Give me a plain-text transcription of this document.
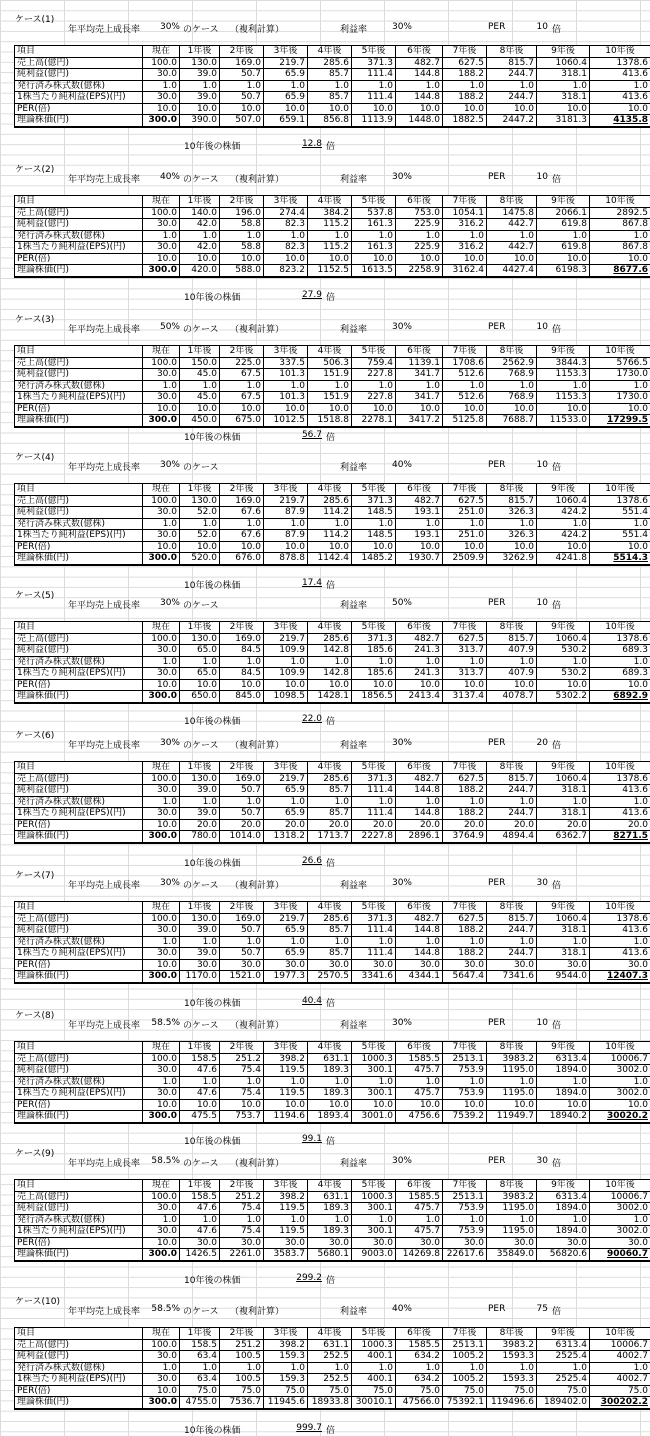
ケース(1)
年平均売上成長率	30% のケース （複利計算）	利益率	30%	PER	10 倍
項目	現在	1年後	2年後	3年後	4年後	5年後	6年後	7年後	8年後	9年後	10年後
売上高(億円)	100.0	130.0	169.0	219.7	285.6	371.3	482.7	627.5	815.7	1060.4	1378.6
純利益(億円)	30.0	39.0	50.7	65.9	85.7	111.4	144.8	188.2	244.7	318.1	413.6
発行済み株式数(億株)	1.0	1.0	1.0	1.0	1.0	1.0	1.0	1.0	1.0	1.0	1.0
1株当たり純利益(EPS)(円)	30.0	39.0	50.7	65.9	85.7	111.4	144.8	188.2	244.7	318.1	413.6
PER(倍)	10.0	10.0	10.0	10.0	10.0	10.0	10.0	10.0	10.0	10.0	10.0
理論株価(円)	300.0	390.0	507.0	659.1	856.8	1113.9	1448.0	1882.5	2447.2	3181.3	4135.8
10年後の株価	12.8 倍
ケース(2)
年平均売上成長率	40% のケース （複利計算）	利益率	30%	PER	10 倍
項目	現在	1年後	2年後	3年後	4年後	5年後	6年後	7年後	8年後	9年後	10年後
売上高(億円)	100.0	140.0	196.0	274.4	384.2	537.8	753.0	1054.1	1475.8	2066.1	2892.5
純利益(億円)	30.0	42.0	58.8	82.3	115.2	161.3	225.9	316.2	442.7	619.8	867.8
発行済み株式数(億株)	1.0	1.0	1.0	1.0	1.0	1.0	1.0	1.0	1.0	1.0	1.0
1株当たり純利益(EPS)(円)	30.0	42.0	58.8	82.3	115.2	161.3	225.9	316.2	442.7	619.8	867.8
PER(倍)	10.0	10.0	10.0	10.0	10.0	10.0	10.0	10.0	10.0	10.0	10.0
理論株価(円)	300.0	420.0	588.0	823.2	1152.5	1613.5	2258.9	3162.4	4427.4	6198.3	8677.6
10年後の株価	27.9 倍
ケース(3)
年平均売上成長率	50% のケース （複利計算）	利益率	30%	PER	10 倍
項目	現在	1年後	2年後	3年後	4年後	5年後	6年後	7年後	8年後	9年後	10年後
売上高(億円)	100.0	150.0	225.0	337.5	506.3	759.4	1139.1	1708.6	2562.9	3844.3	5766.5
純利益(億円)	30.0	45.0	67.5	101.3	151.9	227.8	341.7	512.6	768.9	1153.3	1730.0
発行済み株式数(億株)	1.0	1.0	1.0	1.0	1.0	1.0	1.0	1.0	1.0	1.0	1.0
1株当たり純利益(EPS)(円)	30.0	45.0	67.5	101.3	151.9	227.8	341.7	512.6	768.9	1153.3	1730.0
PER(倍)	10.0	10.0	10.0	10.0	10.0	10.0	10.0	10.0	10.0	10.0	10.0
理論株価(円)	300.0	450.0	675.0	1012.5	1518.8	2278.1	3417.2	5125.8	7688.7	11533.0	17299.5
10年後の株価	56.7 倍
ケース(4)
年平均売上成長率	30% のケース	利益率	40%	PER	10 倍
項目	現在	1年後	2年後	3年後	4年後	5年後	6年後	7年後	8年後	9年後	10年後
売上高(億円)	100.0	130.0	169.0	219.7	285.6	371.3	482.7	627.5	815.7	1060.4	1378.6
純利益(億円)	30.0	52.0	67.6	87.9	114.2	148.5	193.1	251.0	326.3	424.2	551.4
発行済み株式数(億株)	1.0	1.0	1.0	1.0	1.0	1.0	1.0	1.0	1.0	1.0	1.0
1株当たり純利益(EPS)(円)	30.0	52.0	67.6	87.9	114.2	148.5	193.1	251.0	326.3	424.2	551.4
PER(倍)	10.0	10.0	10.0	10.0	10.0	10.0	10.0	10.0	10.0	10.0	10.0
理論株価(円)	300.0	520.0	676.0	878.8	1142.4	1485.2	1930.7	2509.9	3262.9	4241.8	5514.3
10年後の株価	17.4 倍
ケース(5)
年平均売上成長率	30% のケース	利益率	50%	PER	10 倍
項目	現在	1年後	2年後	3年後	4年後	5年後	6年後	7年後	8年後	9年後	10年後
売上高(億円)	100.0	130.0	169.0	219.7	285.6	371.3	482.7	627.5	815.7	1060.4	1378.6
純利益(億円)	30.0	65.0	84.5	109.9	142.8	185.6	241.3	313.7	407.9	530.2	689.3
発行済み株式数(億株)	1.0	1.0	1.0	1.0	1.0	1.0	1.0	1.0	1.0	1.0	1.0
1株当たり純利益(EPS)(円)	30.0	65.0	84.5	109.9	142.8	185.6	241.3	313.7	407.9	530.2	689.3
PER(倍)	10.0	10.0	10.0	10.0	10.0	10.0	10.0	10.0	10.0	10.0	10.0
理論株価(円)	300.0	650.0	845.0	1098.5	1428.1	1856.5	2413.4	3137.4	4078.7	5302.2	6892.9
10年後の株価	22.0 倍
ケース(6)
年平均売上成長率	30% のケース （複利計算）	利益率	30%	PER	20 倍
項目	現在	1年後	2年後	3年後	4年後	5年後	6年後	7年後	8年後	9年後	10年後
売上高(億円)	100.0	130.0	169.0	219.7	285.6	371.3	482.7	627.5	815.7	1060.4	1378.6
純利益(億円)	30.0	39.0	50.7	65.9	85.7	111.4	144.8	188.2	244.7	318.1	413.6
発行済み株式数(億株)	1.0	1.0	1.0	1.0	1.0	1.0	1.0	1.0	1.0	1.0	1.0
1株当たり純利益(EPS)(円)	30.0	39.0	50.7	65.9	85.7	111.4	144.8	188.2	244.7	318.1	413.6
PER(倍)	10.0	20.0	20.0	20.0	20.0	20.0	20.0	20.0	20.0	20.0	20.0
理論株価(円)	300.0	780.0	1014.0	1318.2	1713.7	2227.8	2896.1	3764.9	4894.4	6362.7	8271.5
10年後の株価	26.6 倍
ケース(7)
年平均売上成長率	30% のケース （複利計算）	利益率	30%	PER	30 倍
項目	現在	1年後	2年後	3年後	4年後	5年後	6年後	7年後	8年後	9年後	10年後
売上高(億円)	100.0	130.0	169.0	219.7	285.6	371.3	482.7	627.5	815.7	1060.4	1378.6
純利益(億円)	30.0	39.0	50.7	65.9	85.7	111.4	144.8	188.2	244.7	318.1	413.6
発行済み株式数(億株)	1.0	1.0	1.0	1.0	1.0	1.0	1.0	1.0	1.0	1.0	1.0
1株当たり純利益(EPS)(円)	30.0	39.0	50.7	65.9	85.7	111.4	144.8	188.2	244.7	318.1	413.6
PER(倍)	10.0	30.0	30.0	30.0	30.0	30.0	30.0	30.0	30.0	30.0	30.0
理論株価(円)	300.0	1170.0	1521.0	1977.3	2570.5	3341.6	4344.1	5647.4	7341.6	9544.0	12407.3
10年後の株価	40.4 倍
ケース(8)
年平均売上成長率 58.5% のケース （複利計算）	利益率	30%	PER	10 倍
項目	現在	1年後	2年後	3年後	4年後	5年後	6年後	7年後	8年後	9年後	10年後
売上高(億円)	100.0	158.5	251.2	398.2	631.1	1000.3	1585.5	2513.1	3983.2	6313.4	10006.7
純利益(億円)	30.0	47.6	75.4	119.5	189.3	300.1	475.7	753.9	1195.0	1894.0	3002.0
発行済み株式数(億株)	1.0	1.0	1.0	1.0	1.0	1.0	1.0	1.0	1.0	1.0	1.0
1株当たり純利益(EPS)(円)	30.0	47.6	75.4	119.5	189.3	300.1	475.7	753.9	1195.0	1894.0	3002.0
PER(倍)	10.0	10.0	10.0	10.0	10.0	10.0	10.0	10.0	10.0	10.0	10.0
理論株価(円)	300.0	475.5	753.7	1194.6	1893.4	3001.0	4756.6	7539.2	11949.7	18940.2	30020.2
10年後の株価	99.1 倍
ケース(9)
年平均売上成長率 58.5% のケース （複利計算）	利益率	30%	PER	30 倍
項目	現在	1年後	2年後	3年後	4年後	5年後	6年後	7年後	8年後	9年後	10年後
売上高(億円)	100.0	158.5	251.2	398.2	631.1	1000.3	1585.5	2513.1	3983.2	6313.4	10006.7
純利益(億円)	30.0	47.6	75.4	119.5	189.3	300.1	475.7	753.9	1195.0	1894.0	3002.0
発行済み株式数(億株)	1.0	1.0	1.0	1.0	1.0	1.0	1.0	1.0	1.0	1.0	1.0
1株当たり純利益(EPS)(円)	30.0	47.6	75.4	119.5	189.3	300.1	475.7	753.9	1195.0	1894.0	3002.0
PER(倍)	10.0	30.0	30.0	30.0	30.0	30.0	30.0	30.0	30.0	30.0	30.0
理論株価(円)	300.0	1426.5	2261.0	3583.7	5680.1	9003.0	14269.8	22617.6	35849.0	56820.6	90060.7
10年後の株価	299.2 倍
ケース(10)
年平均売上成長率 58.5% のケース （複利計算）	利益率	40%	PER	75 倍
項目	現在	1年後	2年後	3年後	4年後	5年後	6年後	7年後	8年後	9年後	10年後
売上高(億円)	100.0	158.5	251.2	398.2	631.1	1000.3	1585.5	2513.1	3983.2	6313.4	10006.7
純利益(億円)	30.0	63.4	100.5	159.3	252.5	400.1	634.2	1005.2	1593.3	2525.4	4002.7
発行済み株式数(億株)	1.0	1.0	1.0	1.0	1.0	1.0	1.0	1.0	1.0	1.0	1.0
1株当たり純利益(EPS)(円)	30.0	63.4	100.5	159.3	252.5	400.1	634.2	1005.2	1593.3	2525.4	4002.7
PER(倍)	10.0	75.0	75.0	75.0	75.0	75.0	75.0	75.0	75.0	75.0	75.0
理論株価(円)	300.0	4755.0	7536.7	11945.6	18933.8	30010.1	47566.0	75392.1	119496.6	189402.0	300202.2
10年後の株価	999.7 倍
